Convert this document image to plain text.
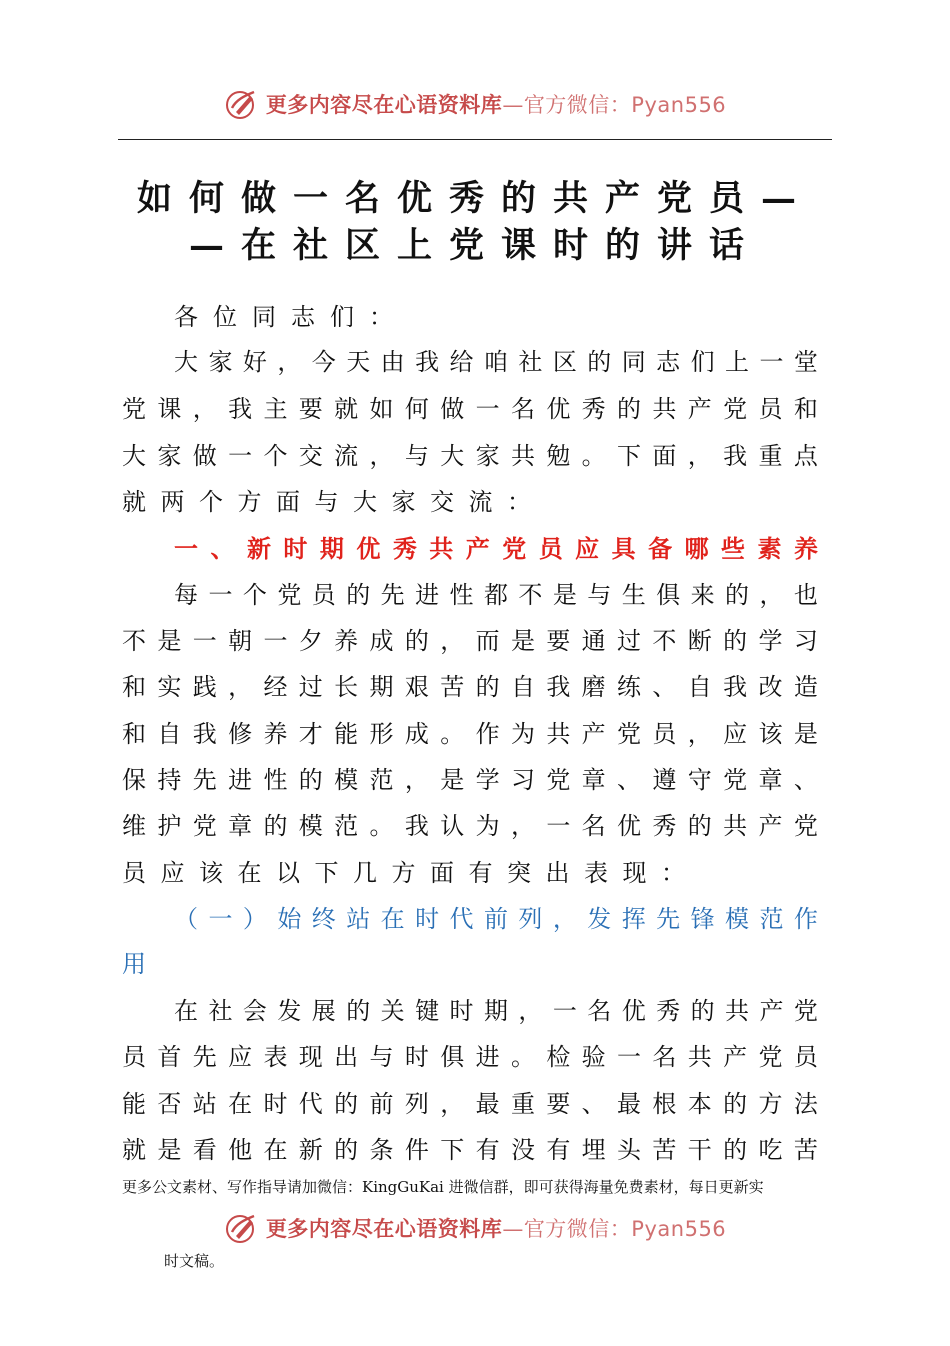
更多内容尽在心语资料库—官方微信：Pyan556
如何做一名优秀的共产党员—
—在社区上党课时的讲话
各位同志们：
大 家 好 ， 今 天 由 我 给 咱 社 区 的 同 志 们 上 一 堂
党 课 ， 我 主 要 就 如 何 做 一 名 优 秀 的 共 产 党 员 和
大 家 做 一 个 交 流 ， 与 大 家 共 勉 。 下 面 ， 我 重 点
就两个方面与大家交流：
一 、 新 时 期 优 秀 共 产 党 员 应 具 备 哪 些 素 养
每 一 个 党 员 的 先 进 性 都 不 是 与 生 俱 来 的 ， 也
不 是 一 朝 一 夕 养 成 的 ， 而 是 要 通 过 不 断 的 学 习
和 实 践 ， 经 过 长 期 艰 苦 的 自 我 磨 练 、 自 我 改 造
和 自 我 修 养 才 能 形 成 。 作 为 共 产 党 员 ， 应 该 是
保 持 先 进 性 的 模 范 ， 是 学 习 党 章 、 遵 守 党 章 、
维 护 党 章 的 模 范 。 我 认 为 ， 一 名 优 秀 的 共 产 党
员应该在以下几方面有突出表现：
（ 一 ） 始 终 站 在 时 代 前 列 ， 发 挥 先 锋 模 范 作
用
在 社 会 发 展 的 关 键 时 期 ， 一 名 优 秀 的 共 产 党
员 首 先 应 表 现 出 与 时 俱 进 。 检 验 一 名 共 产 党 员
能 否 站 在 时 代 的 前 列 ， 最 重 要 、 最 根 本 的 方 法
就 是 看 他 在 新 的 条 件 下 有 没 有 埋 头 苦 干 的 吃 苦
更多公文素材、写作指导请加微信：KingGuKai 进微信群，即可获得海量免费素材，每日更新实
更多内容尽在心语资料库—官方微信：Pyan556
时文稿。
